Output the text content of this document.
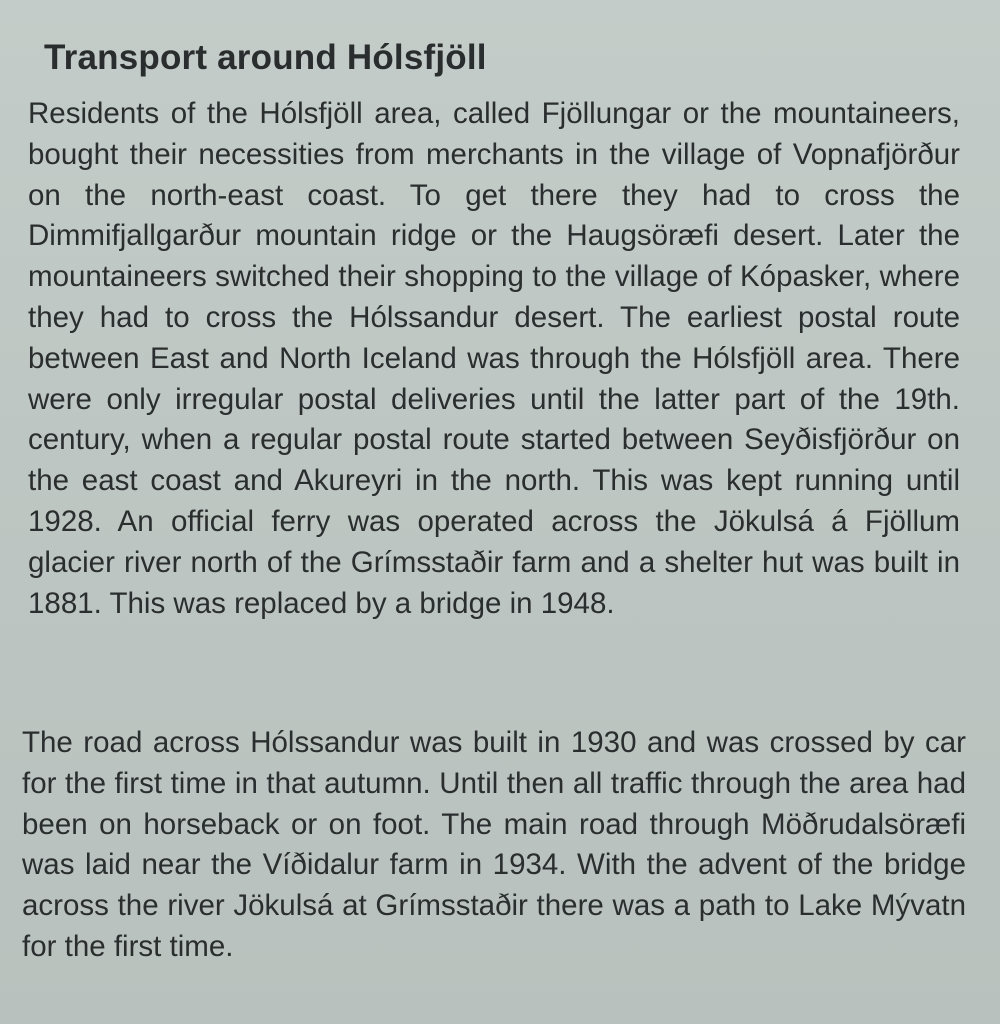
Transport around Hólsfjöll

Residents of the Hólsfjöll area, called Fjöllungar or the mountaineers, bought their necessities from merchants in the village of Vopnafjörður on the north-east coast. To get there they had to cross the Dimmifjallgarður mountain ridge or the Haugsöræfi desert. Later the mountaineers switched their shopping to the village of Kópasker, where they had to cross the Hólssandur desert. The earliest postal route between East and North Iceland was through the Hólsfjöll area. There were only irregular postal deliveries until the latter part of the 19th. century, when a regular postal route started between Seyðisfjörður on the east coast and Akureyri in the north. This was kept running until 1928. An official ferry was operated across the Jökulsá á Fjöllum glacier river north of the Grímsstaðir farm and a shelter hut was built in 1881. This was replaced by a bridge in 1948.

The road across Hólssandur was built in 1930 and was crossed by car for the first time in that autumn. Until then all traffic through the area had been on horseback or on foot. The main road through Möðrudalsöræfi was laid near the Víðidalur farm in 1934. With the advent of the bridge across the river Jökulsá at Grímsstaðir there was a path to Lake Mývatn for the first time.
